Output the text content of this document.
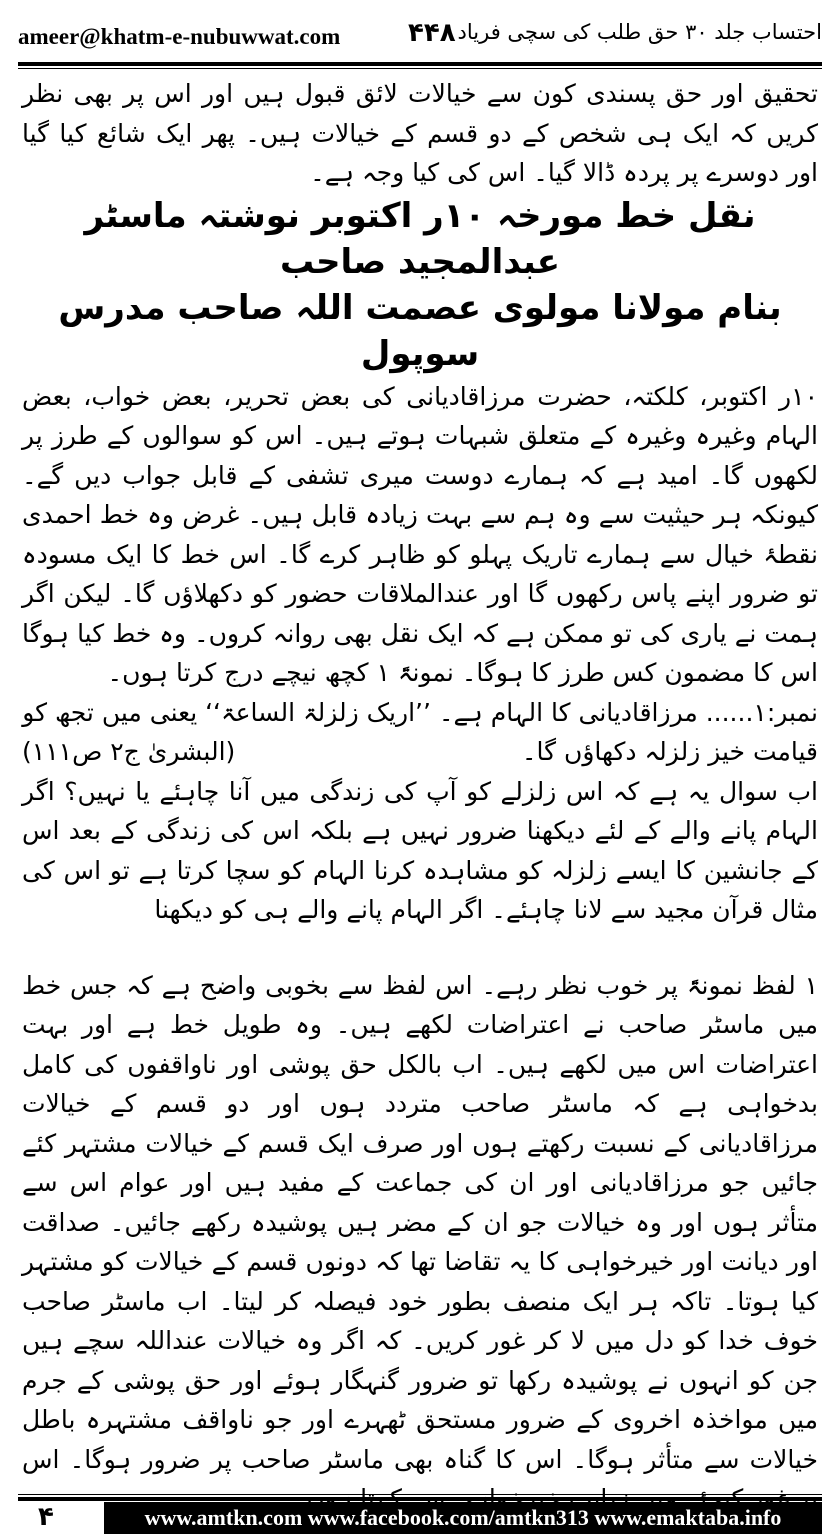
ameer@khatm-e-nubuwwat.com	۴۴۸ احتساب جلد ۳۰ حق طلب کی سچی فریاد

تحقیق اور حق پسندی کون سے خیالات لائق قبول ہیں اور اس پر بھی نظر کریں کہ ایک ہی شخص کے دو قسم کے خیالات ہیں۔ پھر ایک شائع کیا گیا اور دوسرے پر پردہ ڈالا گیا۔ اس کی کیا وجہ ہے۔

نقل خط مورخہ ۱۰ر اکتوبر نوشتہ ماسٹر عبدالمجید صاحب

بنام مولانا مولوی عصمت اللہ صاحب مدرس سوپول

۱۰ر اکتوبر، کلکتہ، حضرت مرزاقادیانی کی بعض تحریر، بعض خواب، بعض الہام وغیرہ وغیرہ کے متعلق شبہات ہوتے ہیں۔ اس کو سوالوں کے طرز پر لکھوں گا۔ امید ہے کہ ہمارے دوست میری تشفی کے قابل جواب دیں گے۔ کیونکہ ہر حیثیت سے وہ ہم سے بہت زیادہ قابل ہیں۔ غرض وہ خط احمدی نقطۂ خیال سے ہمارے تاریک پہلو کو ظاہر کرے گا۔ اس خط کا ایک مسودہ تو ضرور اپنے پاس رکھوں گا اور عندالملاقات حضور کو دکھلاؤں گا۔ لیکن اگر ہمت نے یاری کی تو ممکن ہے کہ ایک نقل بھی روانہ کروں۔ وہ خط کیا ہوگا اس کا مضمون کس طرز کا ہوگا۔ نمونۃً ۱ کچھ نیچے درج کرتا ہوں۔

نمبر:۱...... مرزاقادیانی کا الہام ہے۔ ’’اریک زلزلۃ الساعۃ‘‘ یعنی میں تجھ کو

قیامت خیز زلزلہ دکھاؤں گا۔
(البشریٰ ج۲ ص۱۱۱)

اب سوال یہ ہے کہ اس زلزلے کو آپ کی زندگی میں آنا چاہئے یا نہیں؟ اگر الہام پانے والے کے لئے دیکھنا ضرور نہیں ہے بلکہ اس کی زندگی کے بعد اس کے جانشین کا ایسے زلزلہ کو مشاہدہ کرنا الہام کو سچا کرتا ہے تو اس کی مثال قرآن مجید سے لانا چاہئے۔ اگر الہام پانے والے ہی کو دیکھنا

۱ لفظ نمونۃً پر خوب نظر رہے۔ اس لفظ سے بخوبی واضح ہے کہ جس خط میں ماسٹر صاحب نے اعتراضات لکھے ہیں۔ وہ طویل خط ہے اور بہت اعتراضات اس میں لکھے ہیں۔ اب بالکل حق پوشی اور ناواقفوں کی کامل بدخواہی ہے کہ ماسٹر صاحب متردد ہوں اور دو قسم کے خیالات مرزاقادیانی کے نسبت رکھتے ہوں اور صرف ایک قسم کے خیالات مشتہر کئے جائیں جو مرزاقادیانی اور ان کی جماعت کے مفید ہیں اور عوام اس سے متأثر ہوں اور وہ خیالات جو ان کے مضر ہیں پوشیدہ رکھے جائیں۔ صداقت اور دیانت اور خیرخواہی کا یہ تقاضا تھا کہ دونوں قسم کے خیالات کو مشتہر کیا ہوتا۔ تاکہ ہر ایک منصف بطور خود فیصلہ کر لیتا۔ اب ماسٹر صاحب خوف خدا کو دل میں لا کر غور کریں۔ کہ اگر وہ خیالات عنداللہ سچے ہیں جن کو انہوں نے پوشیدہ رکھا تو ضرور گنہگار ہوئے اور حق پوشی کے جرم میں مواخذہ اخروی کے ضرور مستحق ٹھہرے اور جو ناواقف مشتہرہ باطل خیالات سے متأثر ہوگا۔ اس کا گناہ بھی ماسٹر صاحب پر ضرور ہوگا۔ اس

۴	www.amtkn.com www.facebook.com/amtkn313 www.emaktaba.info
